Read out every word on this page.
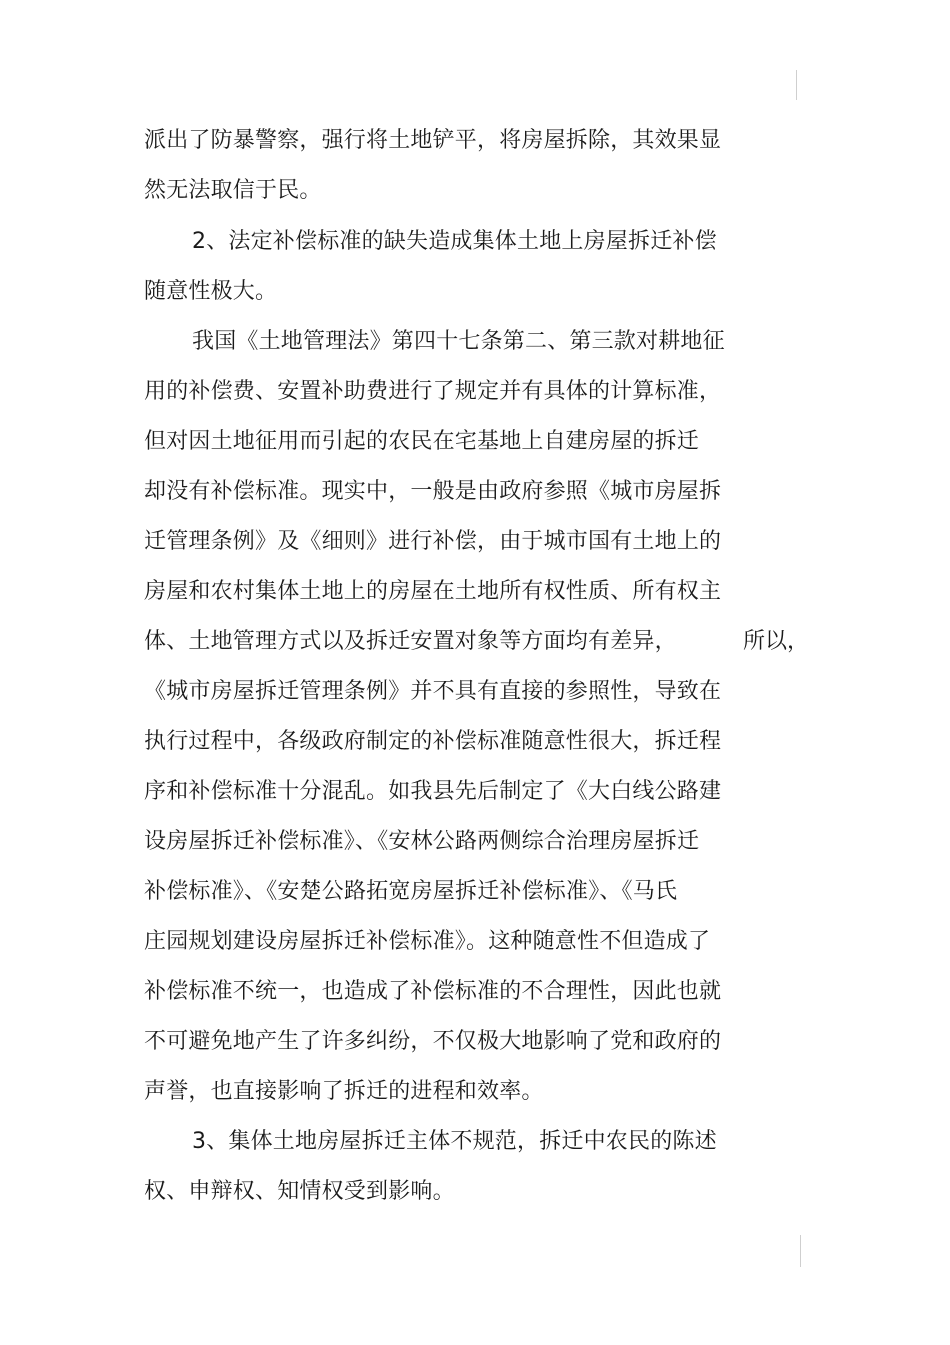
派出了防暴警察，强行将土地铲平，将房屋拆除，其效果显
然无法取信于民。
2、法定补偿标准的缺失造成集体土地上房屋拆迁补偿
随意性极大。
我国《土地管理法》第四十七条第二、第三款对耕地征
用的补偿费、安置补助费进行了规定并有具体的计算标准，
但对因土地征用而引起的农民在宅基地上自建房屋的拆迁
却没有补偿标准。现实中，一般是由政府参照《城市房屋拆
迁管理条例》及《细则》进行补偿，由于城市国有土地上的
房屋和农村集体土地上的房屋在土地所有权性质、所有权主
体、土地管理方式以及拆迁安置对象等方面均有差异，	所以，
《城市房屋拆迁管理条例》并不具有直接的参照性，导致在
执行过程中，各级政府制定的补偿标准随意性很大，拆迁程
序和补偿标准十分混乱。如我县先后制定了《大白线公路建
设房屋拆迁补偿标准》、《安林公路两侧综合治理房屋拆迁
补偿标准》、《安楚公路拓宽房屋拆迁补偿标准》、《马氏
庄园规划建设房屋拆迁补偿标准》。这种随意性不但造成了
补偿标准不统一，也造成了补偿标准的不合理性，因此也就
不可避免地产生了许多纠纷，不仅极大地影响了党和政府的
声誉，也直接影响了拆迁的进程和效率。
3、集体土地房屋拆迁主体不规范，拆迁中农民的陈述
权、申辩权、知情权受到影响。
